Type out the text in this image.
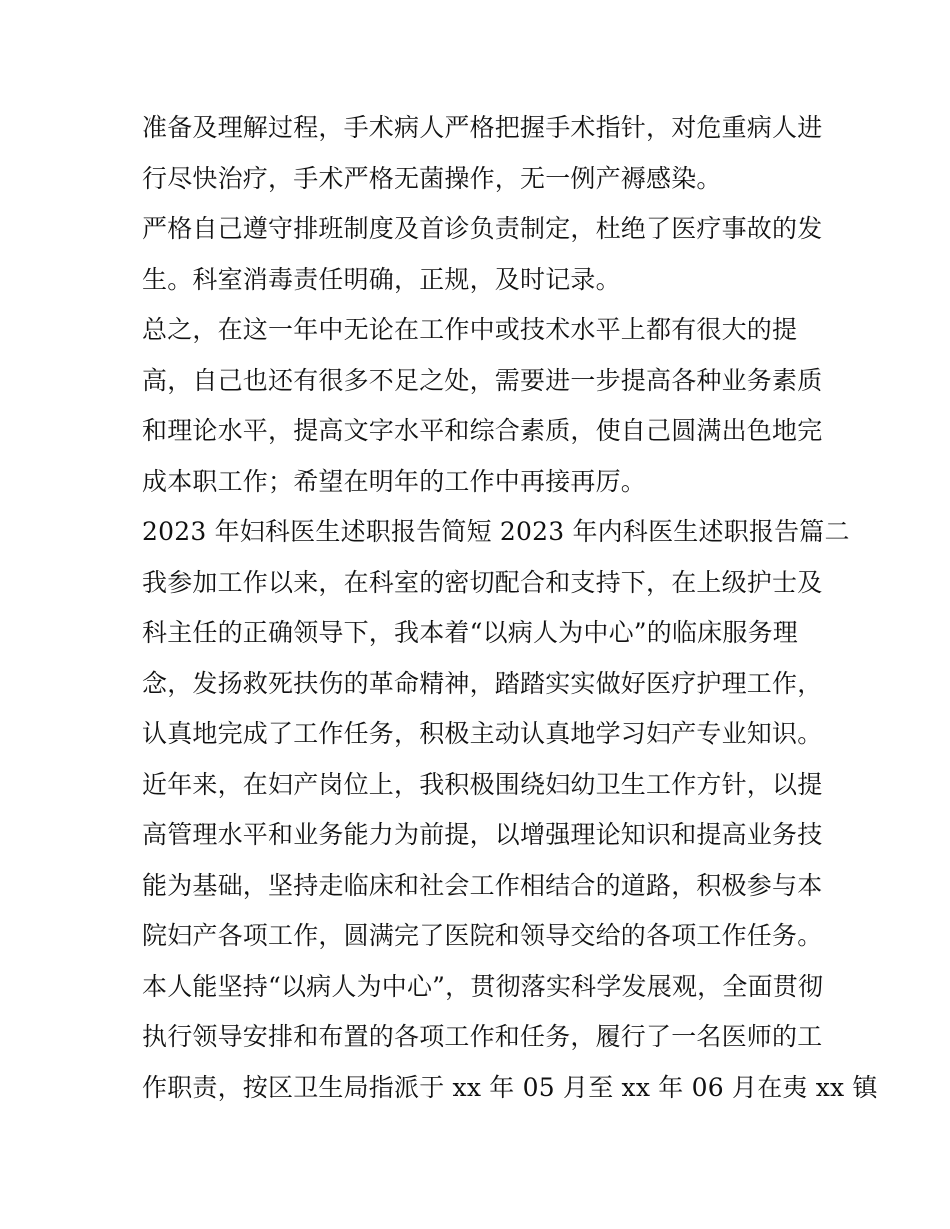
准备及理解过程，手术病人严格把握手术指针，对危重病人进
行尽快治疗，手术严格无菌操作，无一例产褥感染。
严格自己遵守排班制度及首诊负责制定，杜绝了医疗事故的发
生。科室消毒责任明确，正规，及时记录。
总之，在这一年中无论在工作中或技术水平上都有很大的提
高，自己也还有很多不足之处，需要进一步提高各种业务素质
和理论水平，提高文字水平和综合素质，使自己圆满出色地完
成本职工作；希望在明年的工作中再接再厉。
2023 年妇科医生述职报告简短 2023 年内科医生述职报告篇二
我参加工作以来，在科室的密切配合和支持下，在上级护士及
科主任的正确领导下，我本着“以病人为中心”的临床服务理
念，发扬救死扶伤的革命精神，踏踏实实做好医疗护理工作，
认真地完成了工作任务，积极主动认真地学习妇产专业知识。
近年来，在妇产岗位上，我积极围绕妇幼卫生工作方针，以提
高管理水平和业务能力为前提，以增强理论知识和提高业务技
能为基础，坚持走临床和社会工作相结合的道路，积极参与本
院妇产各项工作，圆满完了医院和领导交给的各项工作任务。
本人能坚持“以病人为中心”，贯彻落实科学发展观，全面贯彻
执行领导安排和布置的各项工作和任务，履行了一名医师的工
作职责，按区卫生局指派于 xx 年 05 月至 xx 年 06 月在夷 xx 镇
